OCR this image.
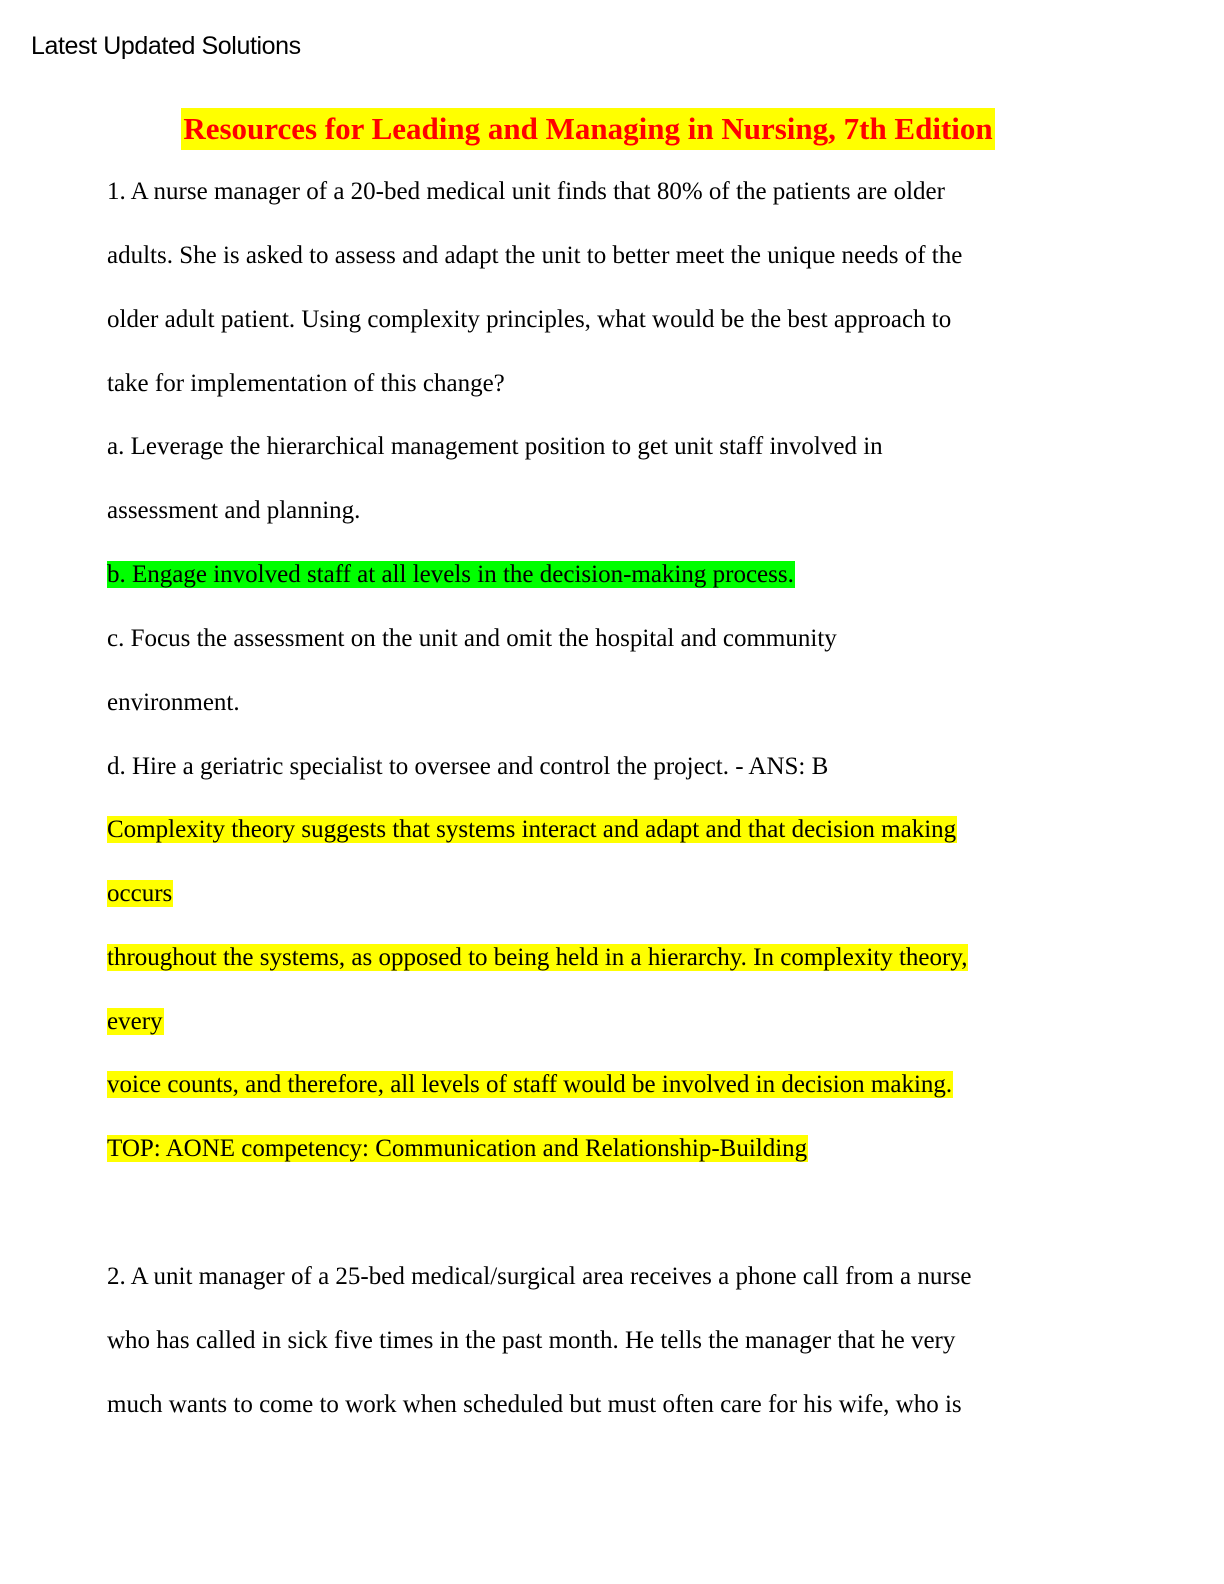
Latest Updated Solutions
Resources for Leading and Managing in Nursing, 7th Edition
1. A nurse manager of a 20-bed medical unit finds that 80% of the patients are older
adults. She is asked to assess and adapt the unit to better meet the unique needs of the
older adult patient. Using complexity principles, what would be the best approach to
take for implementation of this change?
a. Leverage the hierarchical management position to get unit staff involved in
assessment and planning.
b. Engage involved staff at all levels in the decision-making process.
c. Focus the assessment on the unit and omit the hospital and community
environment.
d. Hire a geriatric specialist to oversee and control the project. - ANS: B
Complexity theory suggests that systems interact and adapt and that decision making
occurs
throughout the systems, as opposed to being held in a hierarchy. In complexity theory,
every
voice counts, and therefore, all levels of staff would be involved in decision making.
TOP: AONE competency: Communication and Relationship-Building
2. A unit manager of a 25-bed medical/surgical area receives a phone call from a nurse
who has called in sick five times in the past month. He tells the manager that he very
much wants to come to work when scheduled but must often care for his wife, who is
